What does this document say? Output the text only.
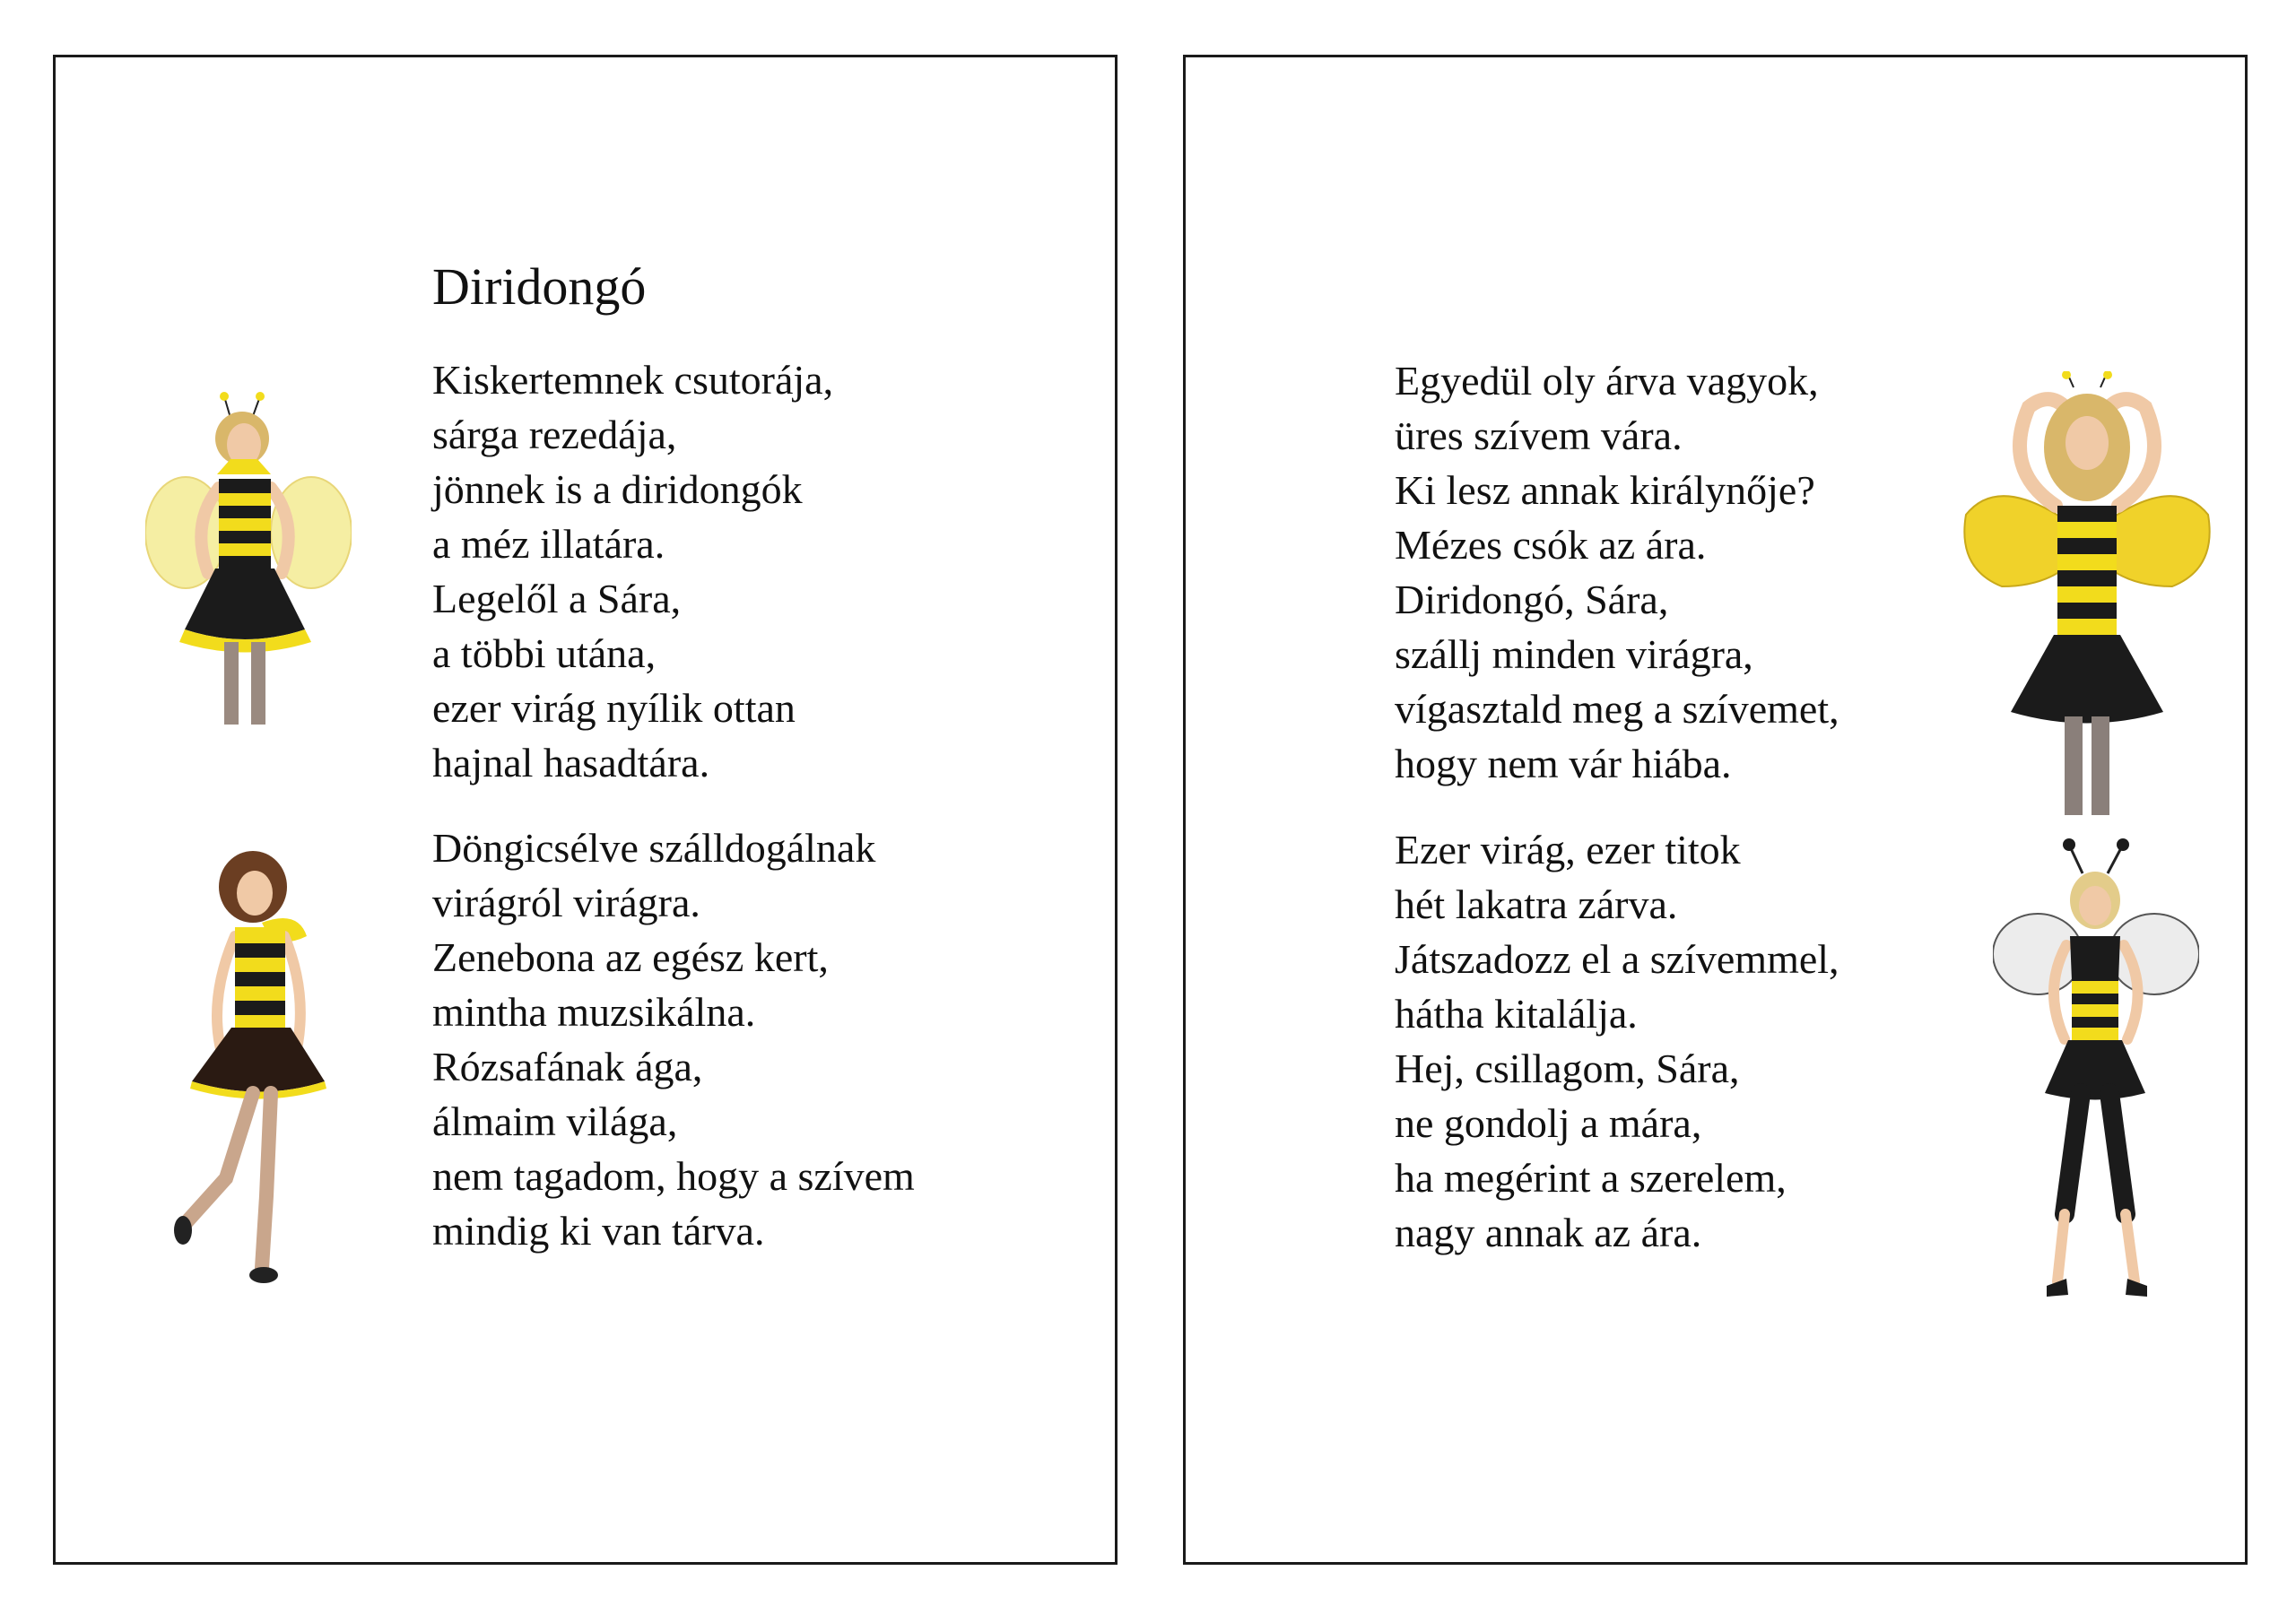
Diridongó
Kiskertemnek csutorája,
sárga rezedája,
jönnek is a diridongók
a méz illatára.
Legelől a Sára,
a többi utána,
ezer virág nyílik ottan
hajnal hasadtára.
Döngicsélve szálldogálnak
virágról virágra.
Zenebona az egész kert,
mintha muzsikálna.
Rózsafának ága,
álmaim világa,
nem tagadom, hogy a szívem
mindig ki van tárva.
Egyedül oly árva vagyok,
üres szívem vára.
Ki lesz annak királynője?
Mézes csók az ára.
Diridongó, Sára,
szállj minden virágra,
vígasztald meg a szívemet,
hogy nem vár hiába.
Ezer virág, ezer titok
hét lakatra zárva.
Játszadozz el a szívemmel,
hátha kitalálja.
Hej, csillagom, Sára,
ne gondolj a mára,
ha megérint a szerelem,
nagy annak az ára.
